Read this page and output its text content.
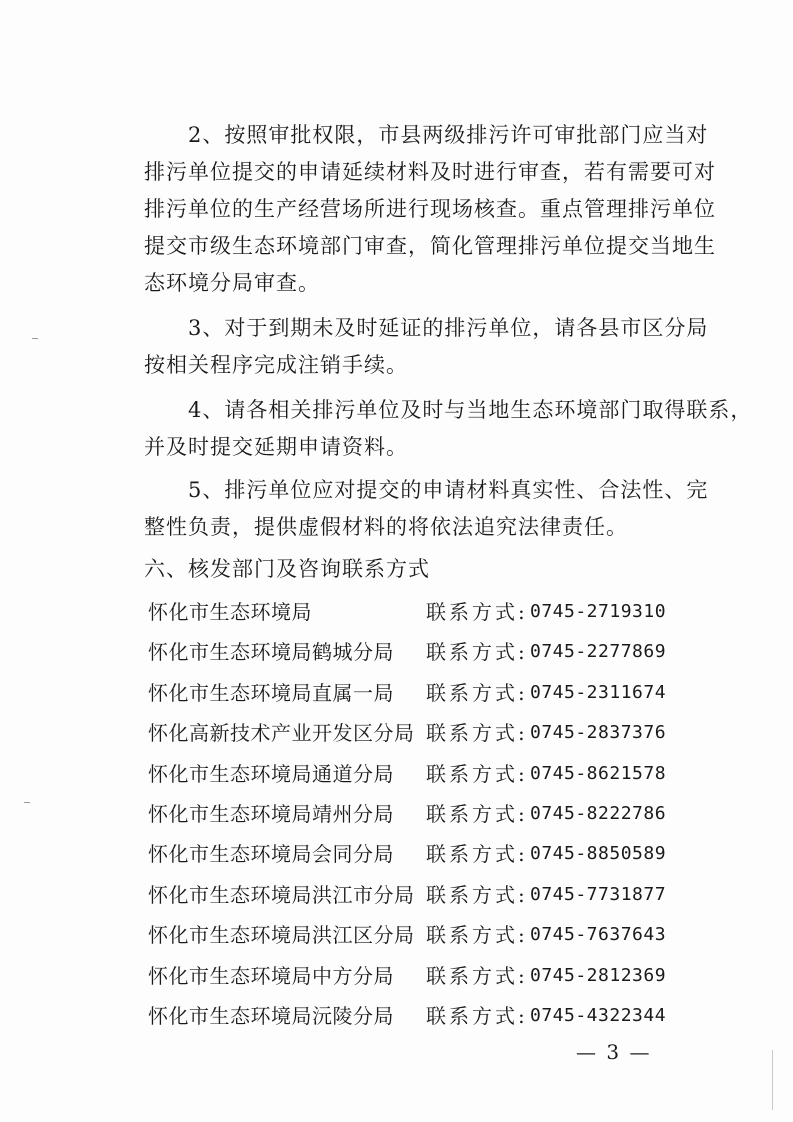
2、按照审批权限，市县两级排污许可审批部门应当对
排污单位提交的申请延续材料及时进行审查，若有需要可对
排污单位的生产经营场所进行现场核查。重点管理排污单位
提交市级生态环境部门审查，简化管理排污单位提交当地生
态环境分局审查。
3、对于到期未及时延证的排污单位，请各县市区分局
按相关程序完成注销手续。
4、请各相关排污单位及时与当地生态环境部门取得联系，
并及时提交延期申请资料。
5、排污单位应对提交的申请材料真实性、合法性、完
整性负责，提供虚假材料的将依法追究法律责任。
六、核发部门及咨询联系方式
怀化市生态环境局	联系方式: 0745-2719310
怀化市生态环境局鹤城分局 联系方式: 0745-2277869
怀化市生态环境局直属一局 联系方式: 0745-2311674
怀化高新技术产业开发区分局 联系方式: 0745-2837376
怀化市生态环境局通道分局 联系方式: 0745-8621578
怀化市生态环境局靖州分局 联系方式: 0745-8222786
怀化市生态环境局会同分局 联系方式: 0745-8850589
怀化市生态环境局洪江市分局 联系方式: 0745-7731877
怀化市生态环境局洪江区分局 联系方式: 0745-7637643
怀化市生态环境局中方分局 联系方式: 0745-2812369
怀化市生态环境局沅陵分局 联系方式: 0745-4322344
— 3 —
